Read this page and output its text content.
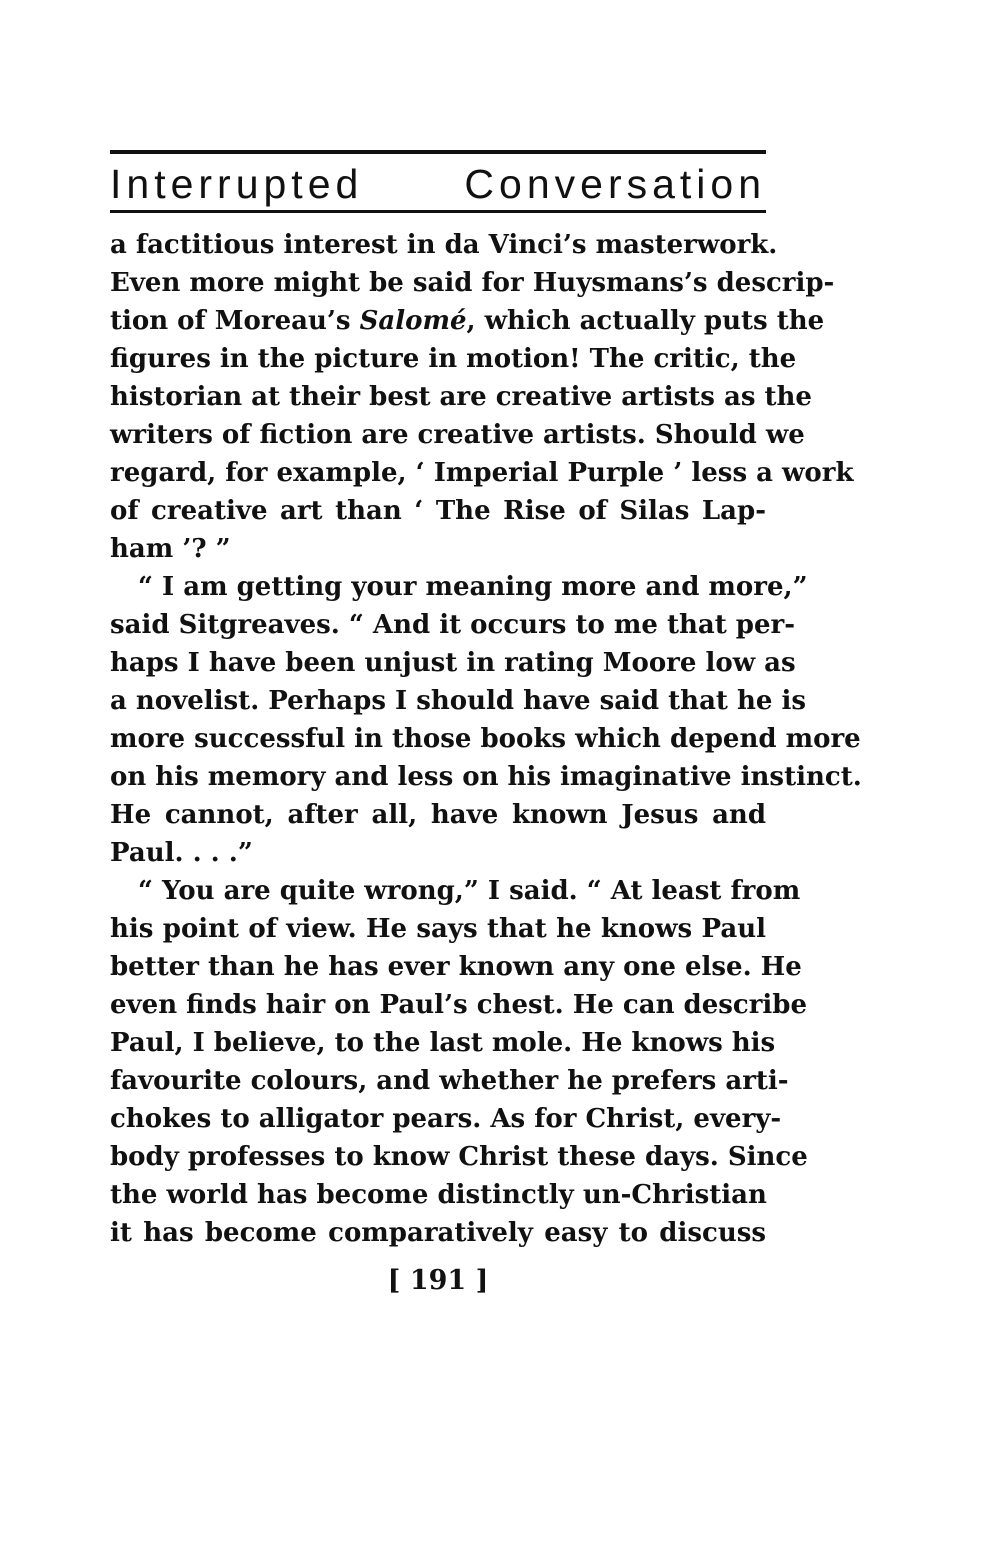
Interrupted Conversation
a factitious interest in da Vinci’s masterwork.
Even more might be said for Huysmans’s descrip-
tion of Moreau’s Salomé, which actually puts the
figures in the picture in motion! The critic, the
historian at their best are creative artists as the
writers of fiction are creative artists. Should we
regard, for example, ‘ Imperial Purple ’ less a work
of creative art than ‘ The Rise of Silas Lap-
ham ’? ”
“ I am getting your meaning more and more,”
said Sitgreaves. “ And it occurs to me that per-
haps I have been unjust in rating Moore low as
a novelist. Perhaps I should have said that he is
more successful in those books which depend more
on his memory and less on his imaginative instinct.
He cannot, after all, have known Jesus and
Paul. . . .”
“ You are quite wrong,” I said. “ At least from
his point of view. He says that he knows Paul
better than he has ever known any one else. He
even finds hair on Paul’s chest. He can describe
Paul, I believe, to the last mole. He knows his
favourite colours, and whether he prefers arti-
chokes to alligator pears. As for Christ, every-
body professes to know Christ these days. Since
the world has become distinctly un-Christian
it has become comparatively easy to discuss
[ 191 ]
